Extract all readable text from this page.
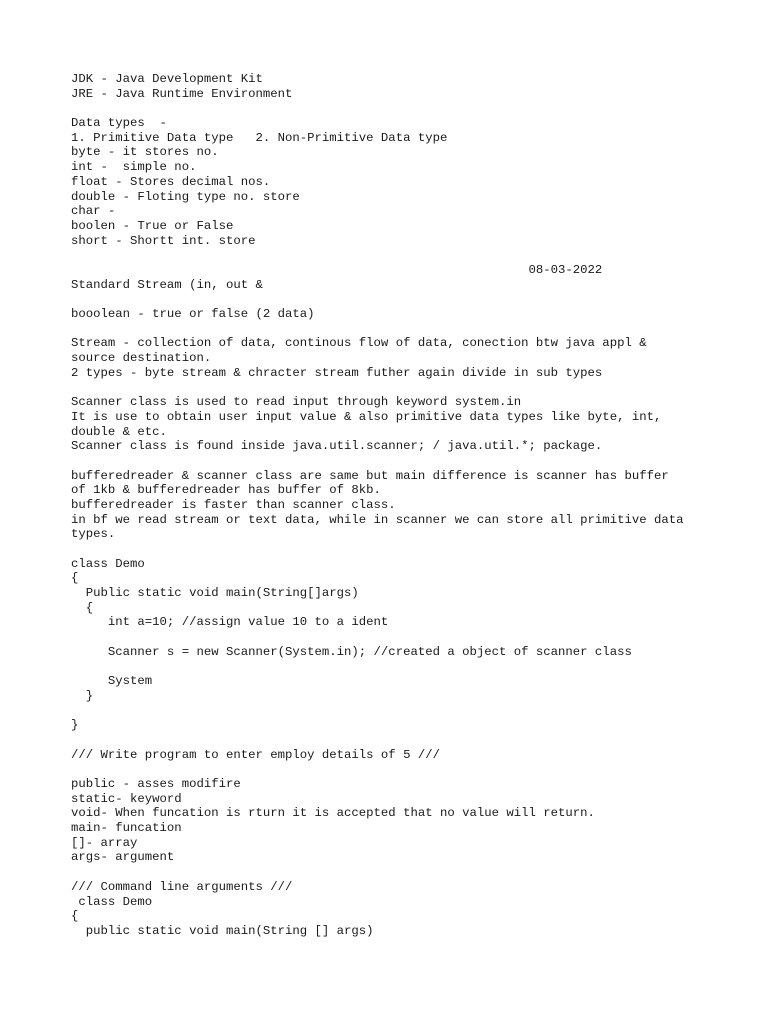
JDK - Java Development Kit
JRE - Java Runtime Environment
Data types  -
1. Primitive Data type   2. Non-Primitive Data type
byte - it stores no.
int -  simple no.
float - Stores decimal nos.
double - Floting type no. store
char -
boolen - True or False
short - Shortt int. store
08-03-2022
Standard Stream (in, out &
booolean - true or false (2 data)
Stream - collection of data, continous flow of data, conection btw java appl &
source destination.
2 types - byte stream & chracter stream futher again divide in sub types
Scanner class is used to read input through keyword system.in
It is use to obtain user input value & also primitive data types like byte, int,
double & etc.
Scanner class is found inside java.util.scanner; / java.util.*; package.
bufferedreader & scanner class are same but main difference is scanner has buffer
of 1kb & bufferedreader has buffer of 8kb.
bufferedreader is faster than scanner class.
in bf we read stream or text data, while in scanner we can store all primitive data
types.
class Demo
{
Public static void main(String[]args)
{
int a=10; //assign value 10 to a ident
Scanner s = new Scanner(System.in); //created a object of scanner class
System
}
}
/// Write program to enter employ details of 5 ///
public - asses modifire
static- keyword
void- When funcation is rturn it is accepted that no value will return.
main- funcation
[]- array
args- argument
/// Command line arguments ///
class Demo
{
public static void main(String [] args)
